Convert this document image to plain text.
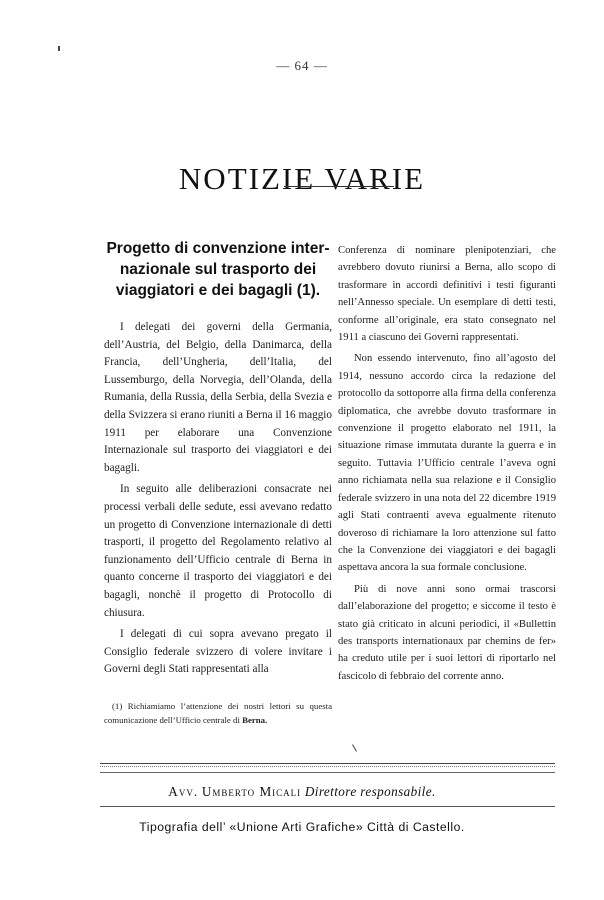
— 64 —
NOTIZIE VARIE
Progetto di convenzione inter-
nazionale sul trasporto dei
viaggiatori e dei bagagli (1).

I delegati dei governi della Germania, dell’Austria, del Belgio, della Danimarca, della Francia, dell’Ungheria, dell’Italia, del Lussemburgo, della Norvegia, dell’Olanda, della Rumania, della Russia, della Serbia, della Svezia e della Svizzera si erano riuniti a Berna il 16 maggio 1911 per elaborare una Convenzione Internazionale sul trasporto dei viaggiatori e dei bagagli.

In seguito alle deliberazioni consacrate nei processi verbali delle sedute, essi avevano redatto un progetto di Convenzione internazionale di detti trasporti, il progetto del Regolamento relativo al funzionamento dell’Ufficio centrale di Berna in quanto concerne il trasporto dei viaggiatori e dei bagagli, nonchè il progetto di Protocollo di chiusura.

I delegati di cui sopra avevano pregato il Consiglio federale svizzero di volere invitare i Governi degli Stati rappresentati alla

(1) Richiamiamo l’attenzione dei nostri lettori su questa comunicazione dell’Ufficio centrale di Berna.

Conferenza di nominare plenipotenziari, che avrebbero dovuto riunirsi a Berna, allo scopo di trasformare in accordi definitivi i testi figuranti nell’Annesso speciale. Un esemplare di detti testi, conforme all’originale, era stato consegnato nel 1911 a ciascuno dei Governi rappresentati.

Non essendo intervenuto, fino all’agosto del 1914, nessuno accordo circa la redazione del protocollo da sottoporre alla firma della conferenza diplomatica, che avrebbe dovuto trasformare in convenzione il progetto elaborato nel 1911, la situazione rimase immutata durante la guerra e in seguito. Tuttavia l’Ufficio centrale l’aveva ogni anno richiamata nella sua relazione e il Consiglio federale svizzero in una nota del 22 dicembre 1919 agli Stati contraenti aveva egualmente ritenuto doveroso di richiamare la loro attenzione sul fatto che la Convenzione dei viaggiatori e dei bagagli aspettava ancora la sua formale conclusione.

Più di nove anni sono ormai trascorsi dall’elaborazione del progetto; e siccome il testo è stato già criticato in alcuni periodici, il «Bullettin des transports internationaux par chemins de fer» ha creduto utile per i suoi lettori di riportarlo nel fascicolo di febbraio del corrente anno.

Avv. Umberto Micali Direttore responsabile.
Tipografia dell’ «Unione Arti Grafiche» Città di Castello.
